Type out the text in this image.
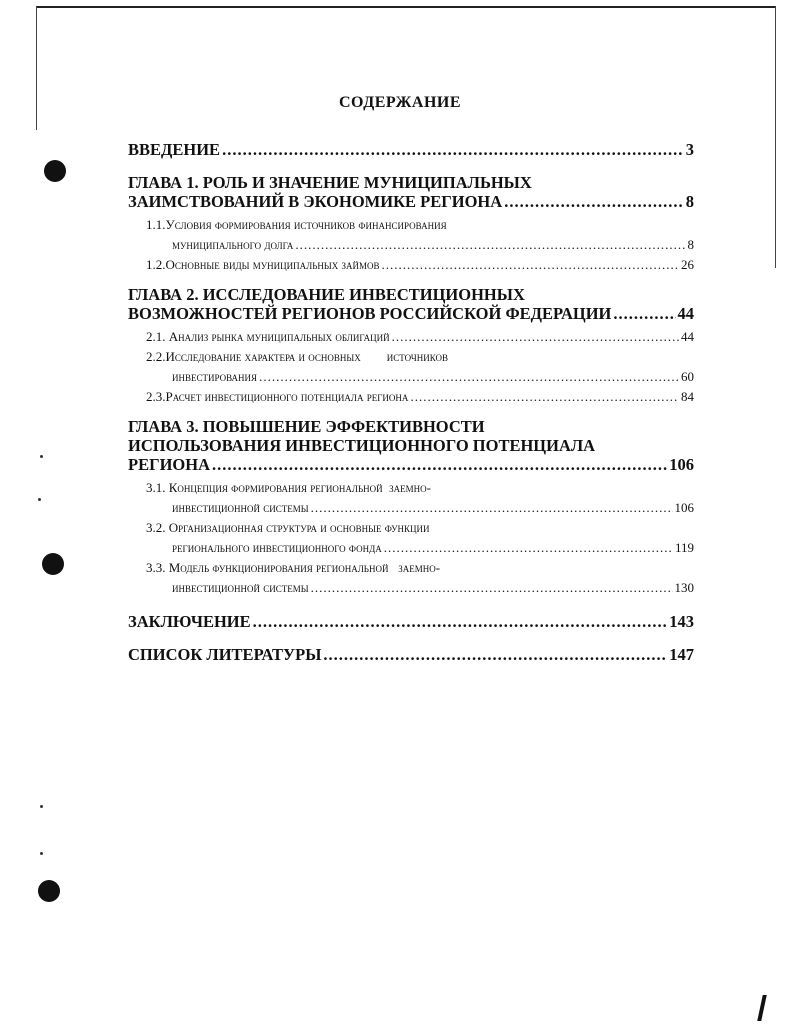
СОДЕРЖАНИЕ
ВВЕДЕНИЕ .....	3
ГЛАВА 1. РОЛЬ И ЗНАЧЕНИЕ МУНИЦИПАЛЬНЫХ
ЗАИМСТВОВАНИЙ В ЭКОНОМИКЕ РЕГИОНА .....	8
1.1.Условия формирования источников финансирования
муниципального долга .....	8
1.2.Основные виды муниципальных займов .....	26
ГЛАВА 2. ИССЛЕДОВАНИЕ ИНВЕСТИЦИОННЫХ
ВОЗМОЖНОСТЕЙ РЕГИОНОВ РОССИЙСКОЙ ФЕДЕРАЦИИ .....	44
2.1. Анализ рынка муниципальных облигаций .....	44
2.2.Исследование характера и основных        источников
инвестирования .....	60
2.3.Расчет инвестиционного потенциала региона .....	84
ГЛАВА 3. ПОВЫШЕНИЕ ЭФФЕКТИВНОСТИ
ИСПОЛЬЗОВАНИЯ ИНВЕСТИЦИОННОГО ПОТЕНЦИАЛА
РЕГИОНА .....	106
3.1. Концепция формирования региональной  заемно-
инвестиционной системы .....	106
3.2. Организационная структура и основные функции
регионального инвестиционного фонда .....	119
3.3. Модель функционирования региональной   заемно-
инвестиционной системы .....	130
ЗАКЛЮЧЕНИЕ .....	143
СПИСОК ЛИТЕРАТУРЫ .....	147
